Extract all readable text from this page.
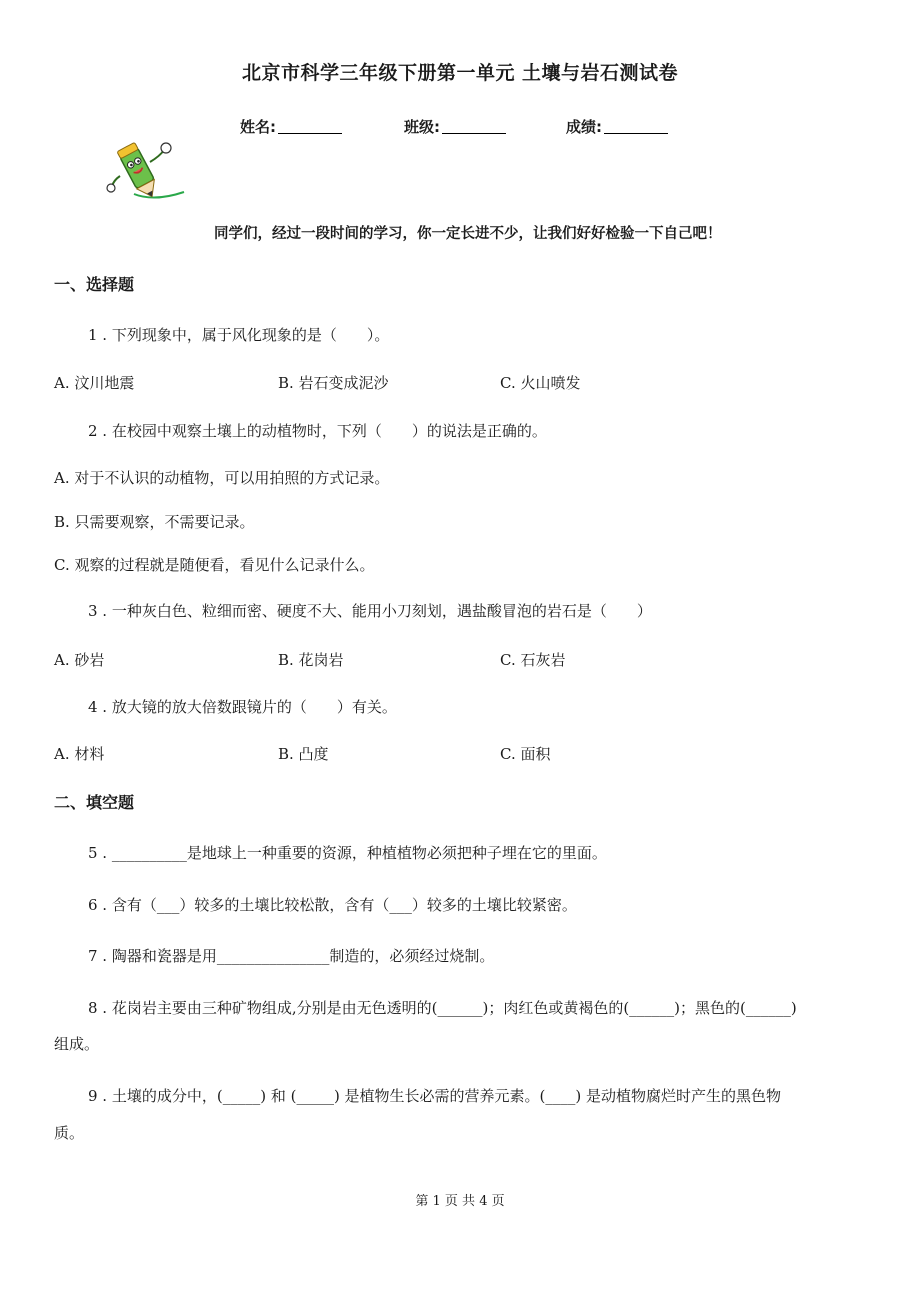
北京市科学三年级下册第一单元 土壤与岩石测试卷
姓名:	班级:	成绩:
同学们，经过一段时间的学习，你一定长进不少，让我们好好检验一下自己吧！
一、选择题
1 . 下列现象中，属于风化现象的是（　　）。
A. 汶川地震	B. 岩石变成泥沙	C. 火山喷发
2 . 在校园中观察土壤上的动植物时，下列（　　）的说法是正确的。
A. 对于不认识的动植物，可以用拍照的方式记录。
B. 只需要观察，不需要记录。
C. 观察的过程就是随便看，看见什么记录什么。
3 . 一种灰白色、粒细而密、硬度不大、能用小刀刻划，遇盐酸冒泡的岩石是（　　）
A. 砂岩	B. 花岗岩	C. 石灰岩
4 . 放大镜的放大倍数跟镜片的（　　）有关。
A. 材料	B. 凸度	C. 面积
二、填空题
5 . __________是地球上一种重要的资源，种植植物必须把种子埋在它的里面。
6 . 含有（___）较多的土壤比较松散，含有（___）较多的土壤比较紧密。
7 . 陶器和瓷器是用_______________制造的，必须经过烧制。
8 . 花岗岩主要由三种矿物组成,分别是由无色透明的(______)；肉红色或黄褐色的(______)；黑色的(______)
组成。
9 . 土壤的成分中，(_____) 和 (_____) 是植物生长必需的营养元素。(____) 是动植物腐烂时产生的黑色物
质。
第 1 页 共 4 页
